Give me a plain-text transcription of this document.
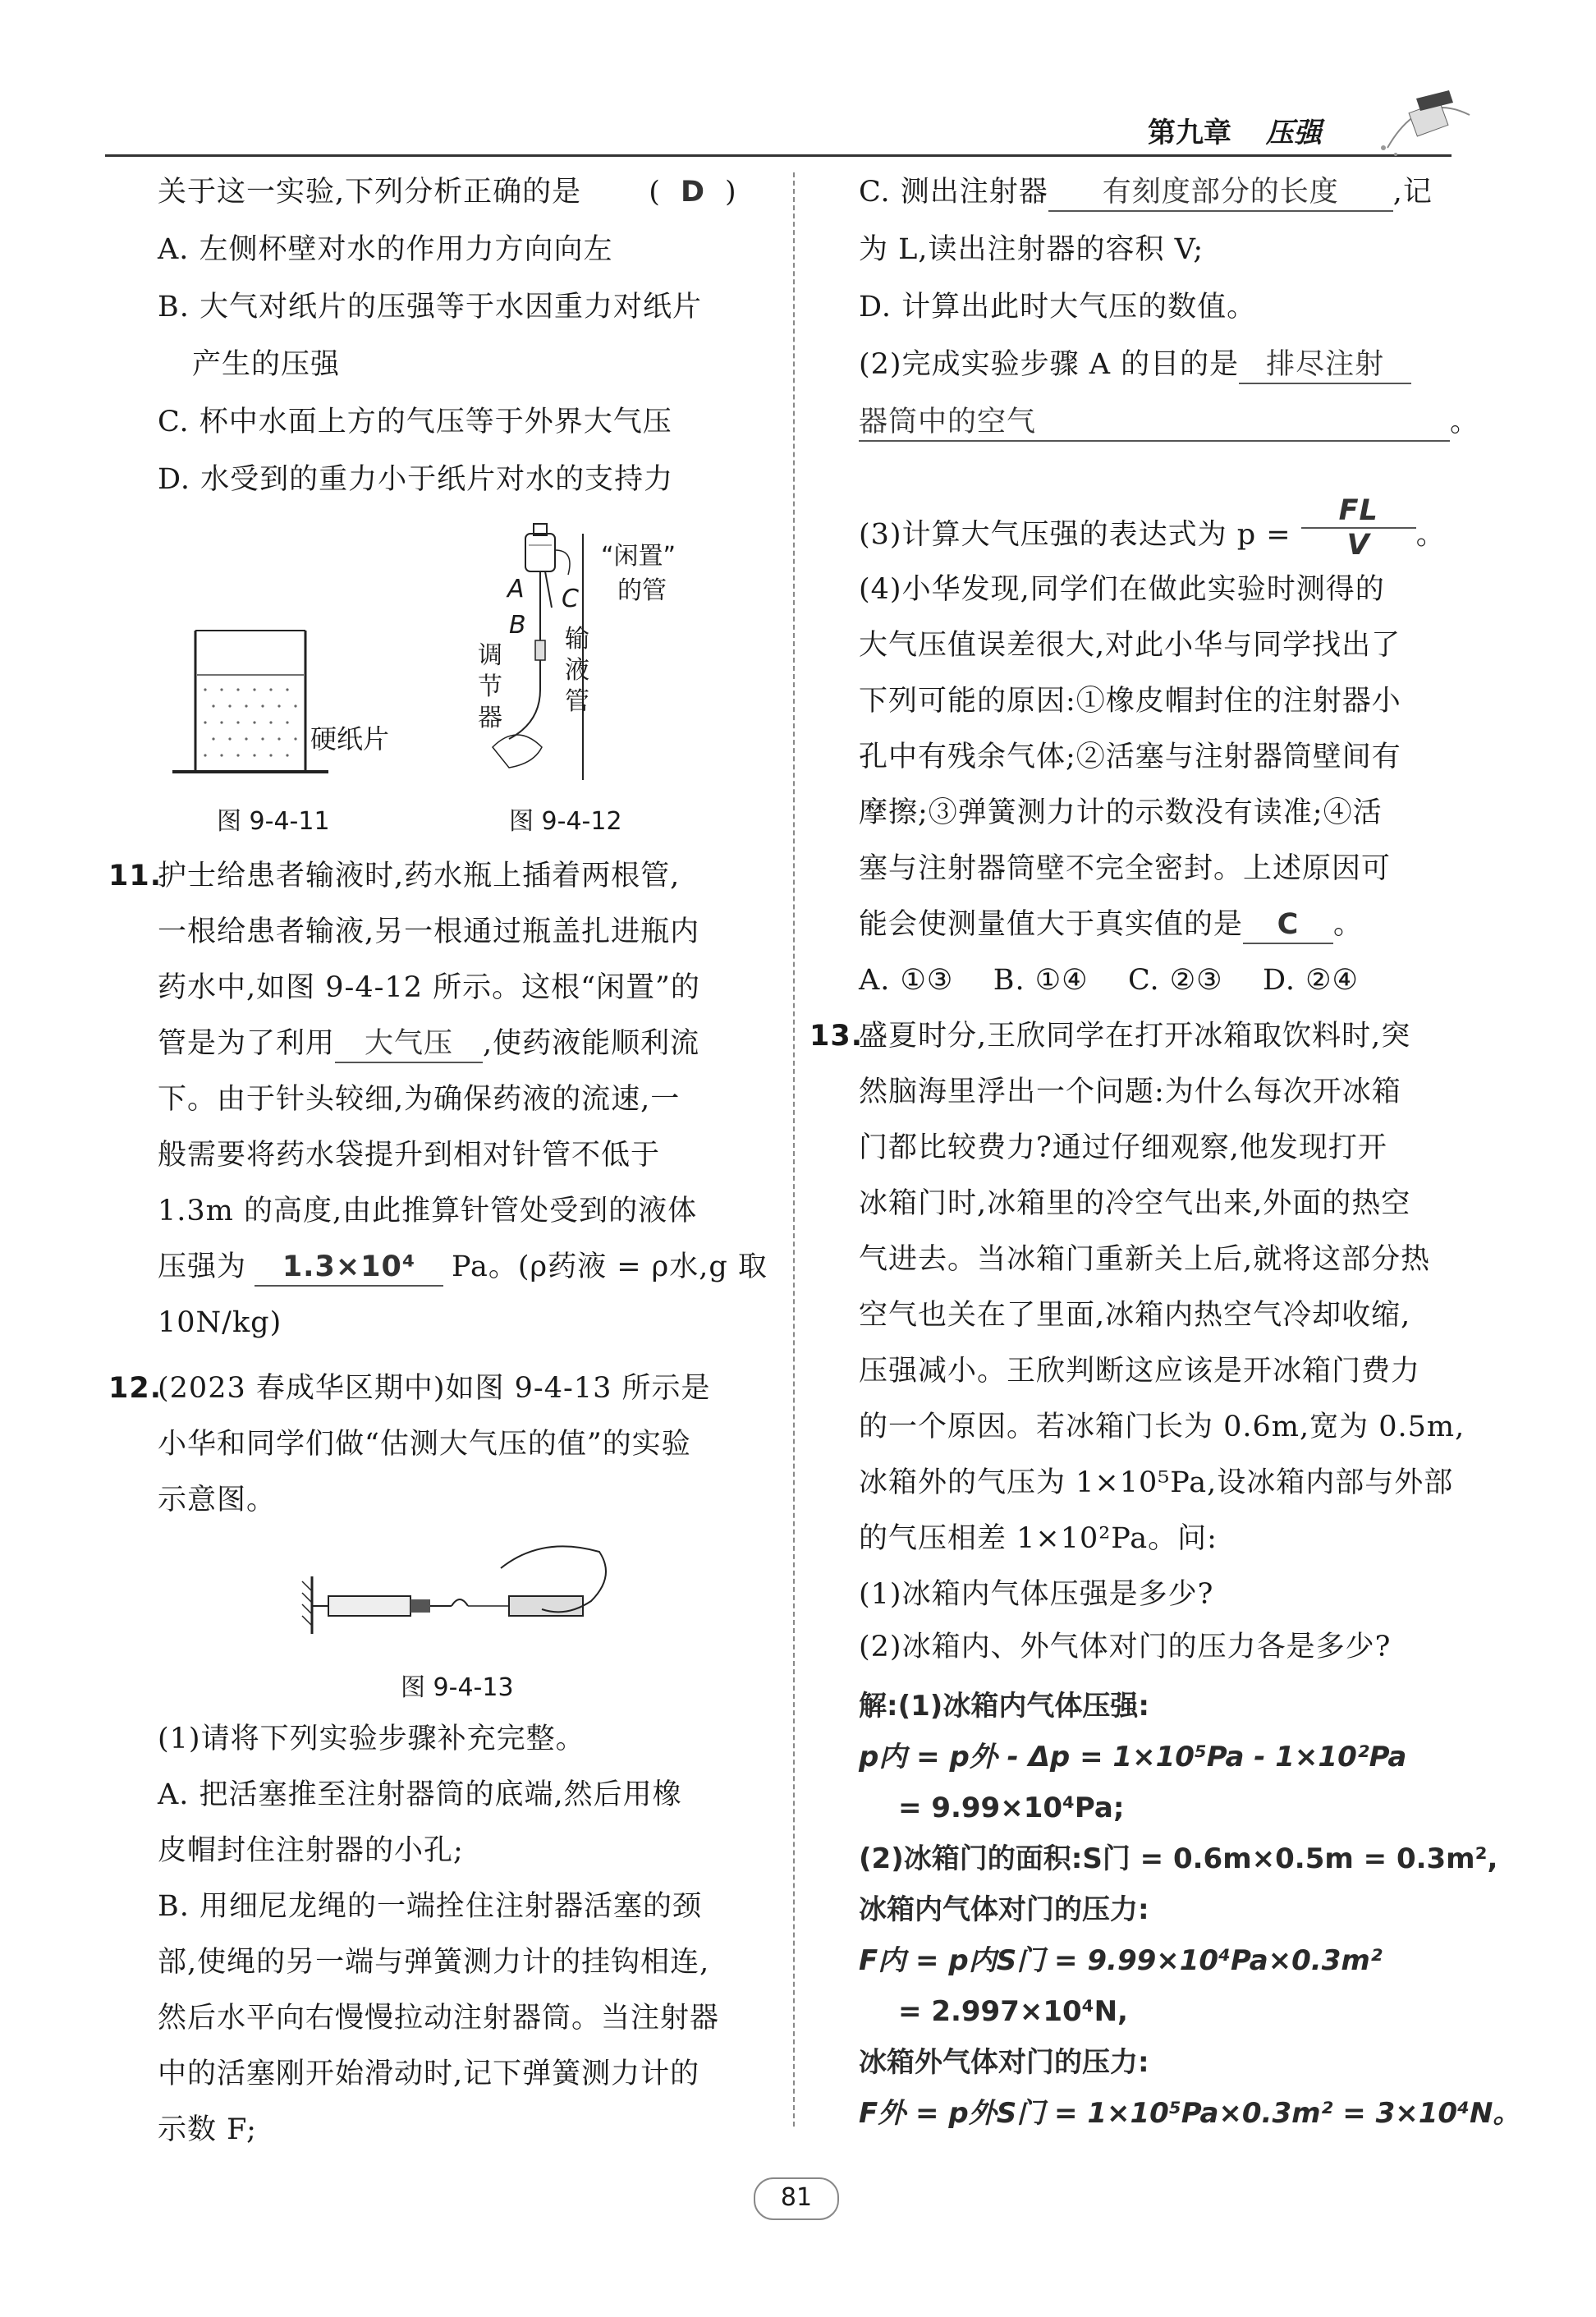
第九章 压强
关于这一实验,下列分析正确的是 ( D )
A. 左侧杯壁对水的作用力方向向左
B. 大气对纸片的压强等于水因重力对纸片
产生的压强
C. 杯中水面上方的气压等于外界大气压
D. 水受到的重力小于纸片对水的支持力
硬纸片
图 9-4-11
“闲置”
的管
A
B
C
调节器
输液管
图 9-4-12
11.
护士给患者输液时,药水瓶上插着两根管,
一根给患者输液,另一根通过瓶盖扎进瓶内
药水中,如图 9-4-12 所示。这根“闲置”的
管是为了利用 大气压 ,使药液能顺利流
下。由于针头较细,为确保药液的流速,一
般需要将药水袋提升到相对针管不低于
1.3m 的高度,由此推算针管处受到的液体
压强为 1.3×10⁴ Pa。(ρ药液 = ρ水,g 取
10N/kg)
12.
(2023 春成华区期中)如图 9-4-13 所示是
小华和同学们做“估测大气压的值”的实验
示意图。
图 9-4-13
(1)请将下列实验步骤补充完整。
A. 把活塞推至注射器筒的底端,然后用橡
皮帽封住注射器的小孔;
B. 用细尼龙绳的一端拴住注射器活塞的颈
部,使绳的另一端与弹簧测力计的挂钩相连,
然后水平向右慢慢拉动注射器筒。当注射器
中的活塞刚开始滑动时,记下弹簧测力计的
示数 F;
C. 测出注射器 有刻度部分的长度 ,记
为 L,读出注射器的容积 V;
D. 计算出此时大气压的数值。
(2)完成实验步骤 A 的目的是 排尽注射
器筒中的空气	。
(3)计算大气压强的表达式为 $p = \frac{FL}{V}$ 。
(4)小华发现,同学们在做此实验时测得的
大气压值误差很大,对此小华与同学找出了
下列可能的原因:①橡皮帽封住的注射器小
孔中有残余气体;②活塞与注射器筒壁间有
摩擦;③弹簧测力计的示数没有读准;④活
塞与注射器筒壁不完全密封。上述原因可
能会使测量值大于真实值的是 C 。
A. ①③    B. ①④    C. ②③    D. ②④
13.
盛夏时分,王欣同学在打开冰箱取饮料时,突
然脑海里浮出一个问题:为什么每次开冰箱
门都比较费力?通过仔细观察,他发现打开
冰箱门时,冰箱里的冷空气出来,外面的热空
气进去。当冰箱门重新关上后,就将这部分热
空气也关在了里面,冰箱内热空气冷却收缩,
压强减小。王欣判断这应该是开冰箱门费力
的一个原因。若冰箱门长为 0.6m,宽为 0.5m,
冰箱外的气压为 1×10⁵Pa,设冰箱内部与外部
的气压相差 1×10²Pa。问:
(1)冰箱内气体压强是多少?
(2)冰箱内、外气体对门的压力各是多少?
解:(1)冰箱内气体压强:
p内 = p外 - Δp = 1×10⁵Pa - 1×10²Pa
= 9.99×10⁴Pa;
(2)冰箱门的面积:S门 = 0.6m×0.5m = 0.3m²,
冰箱内气体对门的压力:
F内 = p内S门 = 9.99×10⁴Pa×0.3m²
= 2.997×10⁴N,
冰箱外气体对门的压力:
F外 = p外S门 = 1×10⁵Pa×0.3m² = 3×10⁴N。
81
